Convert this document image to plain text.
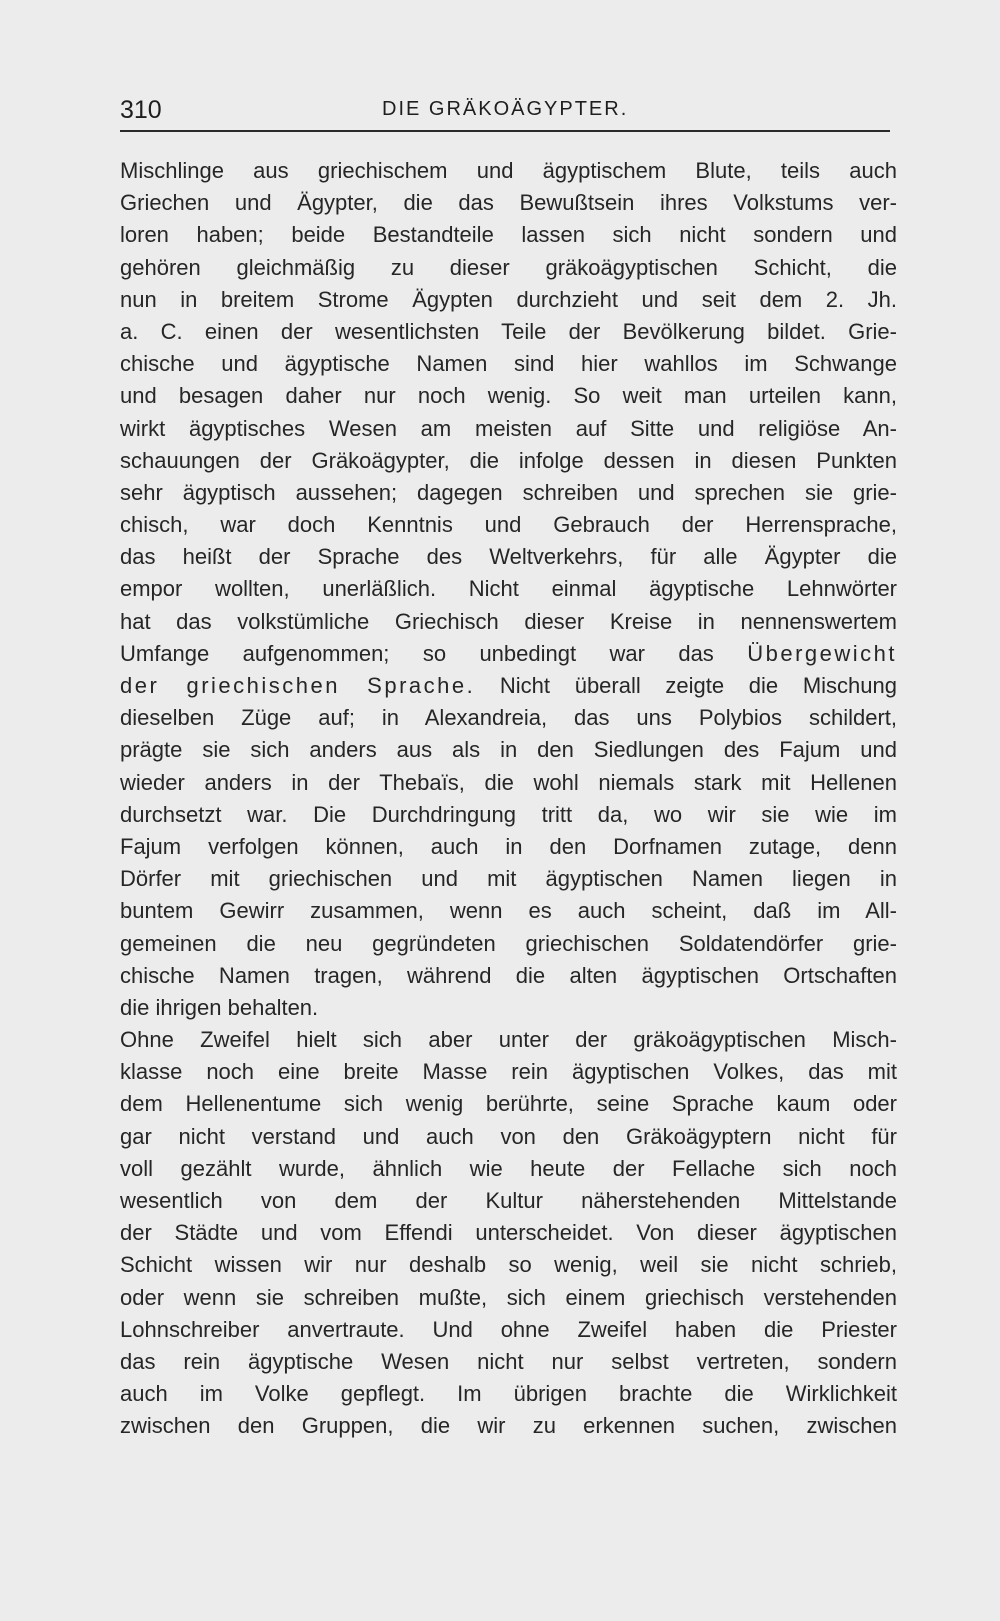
310	DIE GRÄKOÄGYPTER.
Mischlinge aus griechischem und ägyptischem Blute, teils auch
Griechen und Ägypter, die das Bewußtsein ihres Volkstums ver-
loren haben; beide Bestandteile lassen sich nicht sondern und
gehören gleichmäßig zu dieser gräkoägyptischen Schicht, die
nun in breitem Strome Ägypten durchzieht und seit dem 2. Jh.
a. C. einen der wesentlichsten Teile der Bevölkerung bildet. Grie-
chische und ägyptische Namen sind hier wahllos im Schwange
und besagen daher nur noch wenig. So weit man urteilen kann,
wirkt ägyptisches Wesen am meisten auf Sitte und religiöse An-
schauungen der Gräkoägypter, die infolge dessen in diesen Punkten
sehr ägyptisch aussehen; dagegen schreiben und sprechen sie grie-
chisch, war doch Kenntnis und Gebrauch der Herrensprache,
das heißt der Sprache des Weltverkehrs, für alle Ägypter die
empor wollten, unerläßlich. Nicht einmal ägyptische Lehnwörter
hat das volkstümliche Griechisch dieser Kreise in nennenswertem
Umfange aufgenommen; so unbedingt war das Übergewicht
der griechischen Sprache. Nicht überall zeigte die Mischung
dieselben Züge auf; in Alexandreia, das uns Polybios schildert,
prägte sie sich anders aus als in den Siedlungen des Fajum und
wieder anders in der Thebaïs, die wohl niemals stark mit Hellenen
durchsetzt war. Die Durchdringung tritt da, wo wir sie wie im
Fajum verfolgen können, auch in den Dorfnamen zutage, denn
Dörfer mit griechischen und mit ägyptischen Namen liegen in
buntem Gewirr zusammen, wenn es auch scheint, daß im All-
gemeinen die neu gegründeten griechischen Soldatendörfer grie-
chische Namen tragen, während die alten ägyptischen Ortschaften
die ihrigen behalten.
Ohne Zweifel hielt sich aber unter der gräkoägyptischen Misch-
klasse noch eine breite Masse rein ägyptischen Volkes, das mit
dem Hellenentume sich wenig berührte, seine Sprache kaum oder
gar nicht verstand und auch von den Gräkoägyptern nicht für
voll gezählt wurde, ähnlich wie heute der Fellache sich noch
wesentlich von dem der Kultur näherstehenden Mittelstande
der Städte und vom Effendi unterscheidet. Von dieser ägyptischen
Schicht wissen wir nur deshalb so wenig, weil sie nicht schrieb,
oder wenn sie schreiben mußte, sich einem griechisch verstehenden
Lohnschreiber anvertraute. Und ohne Zweifel haben die Priester
das rein ägyptische Wesen nicht nur selbst vertreten, sondern
auch im Volke gepflegt. Im übrigen brachte die Wirklichkeit
zwischen den Gruppen, die wir zu erkennen suchen, zwischen
